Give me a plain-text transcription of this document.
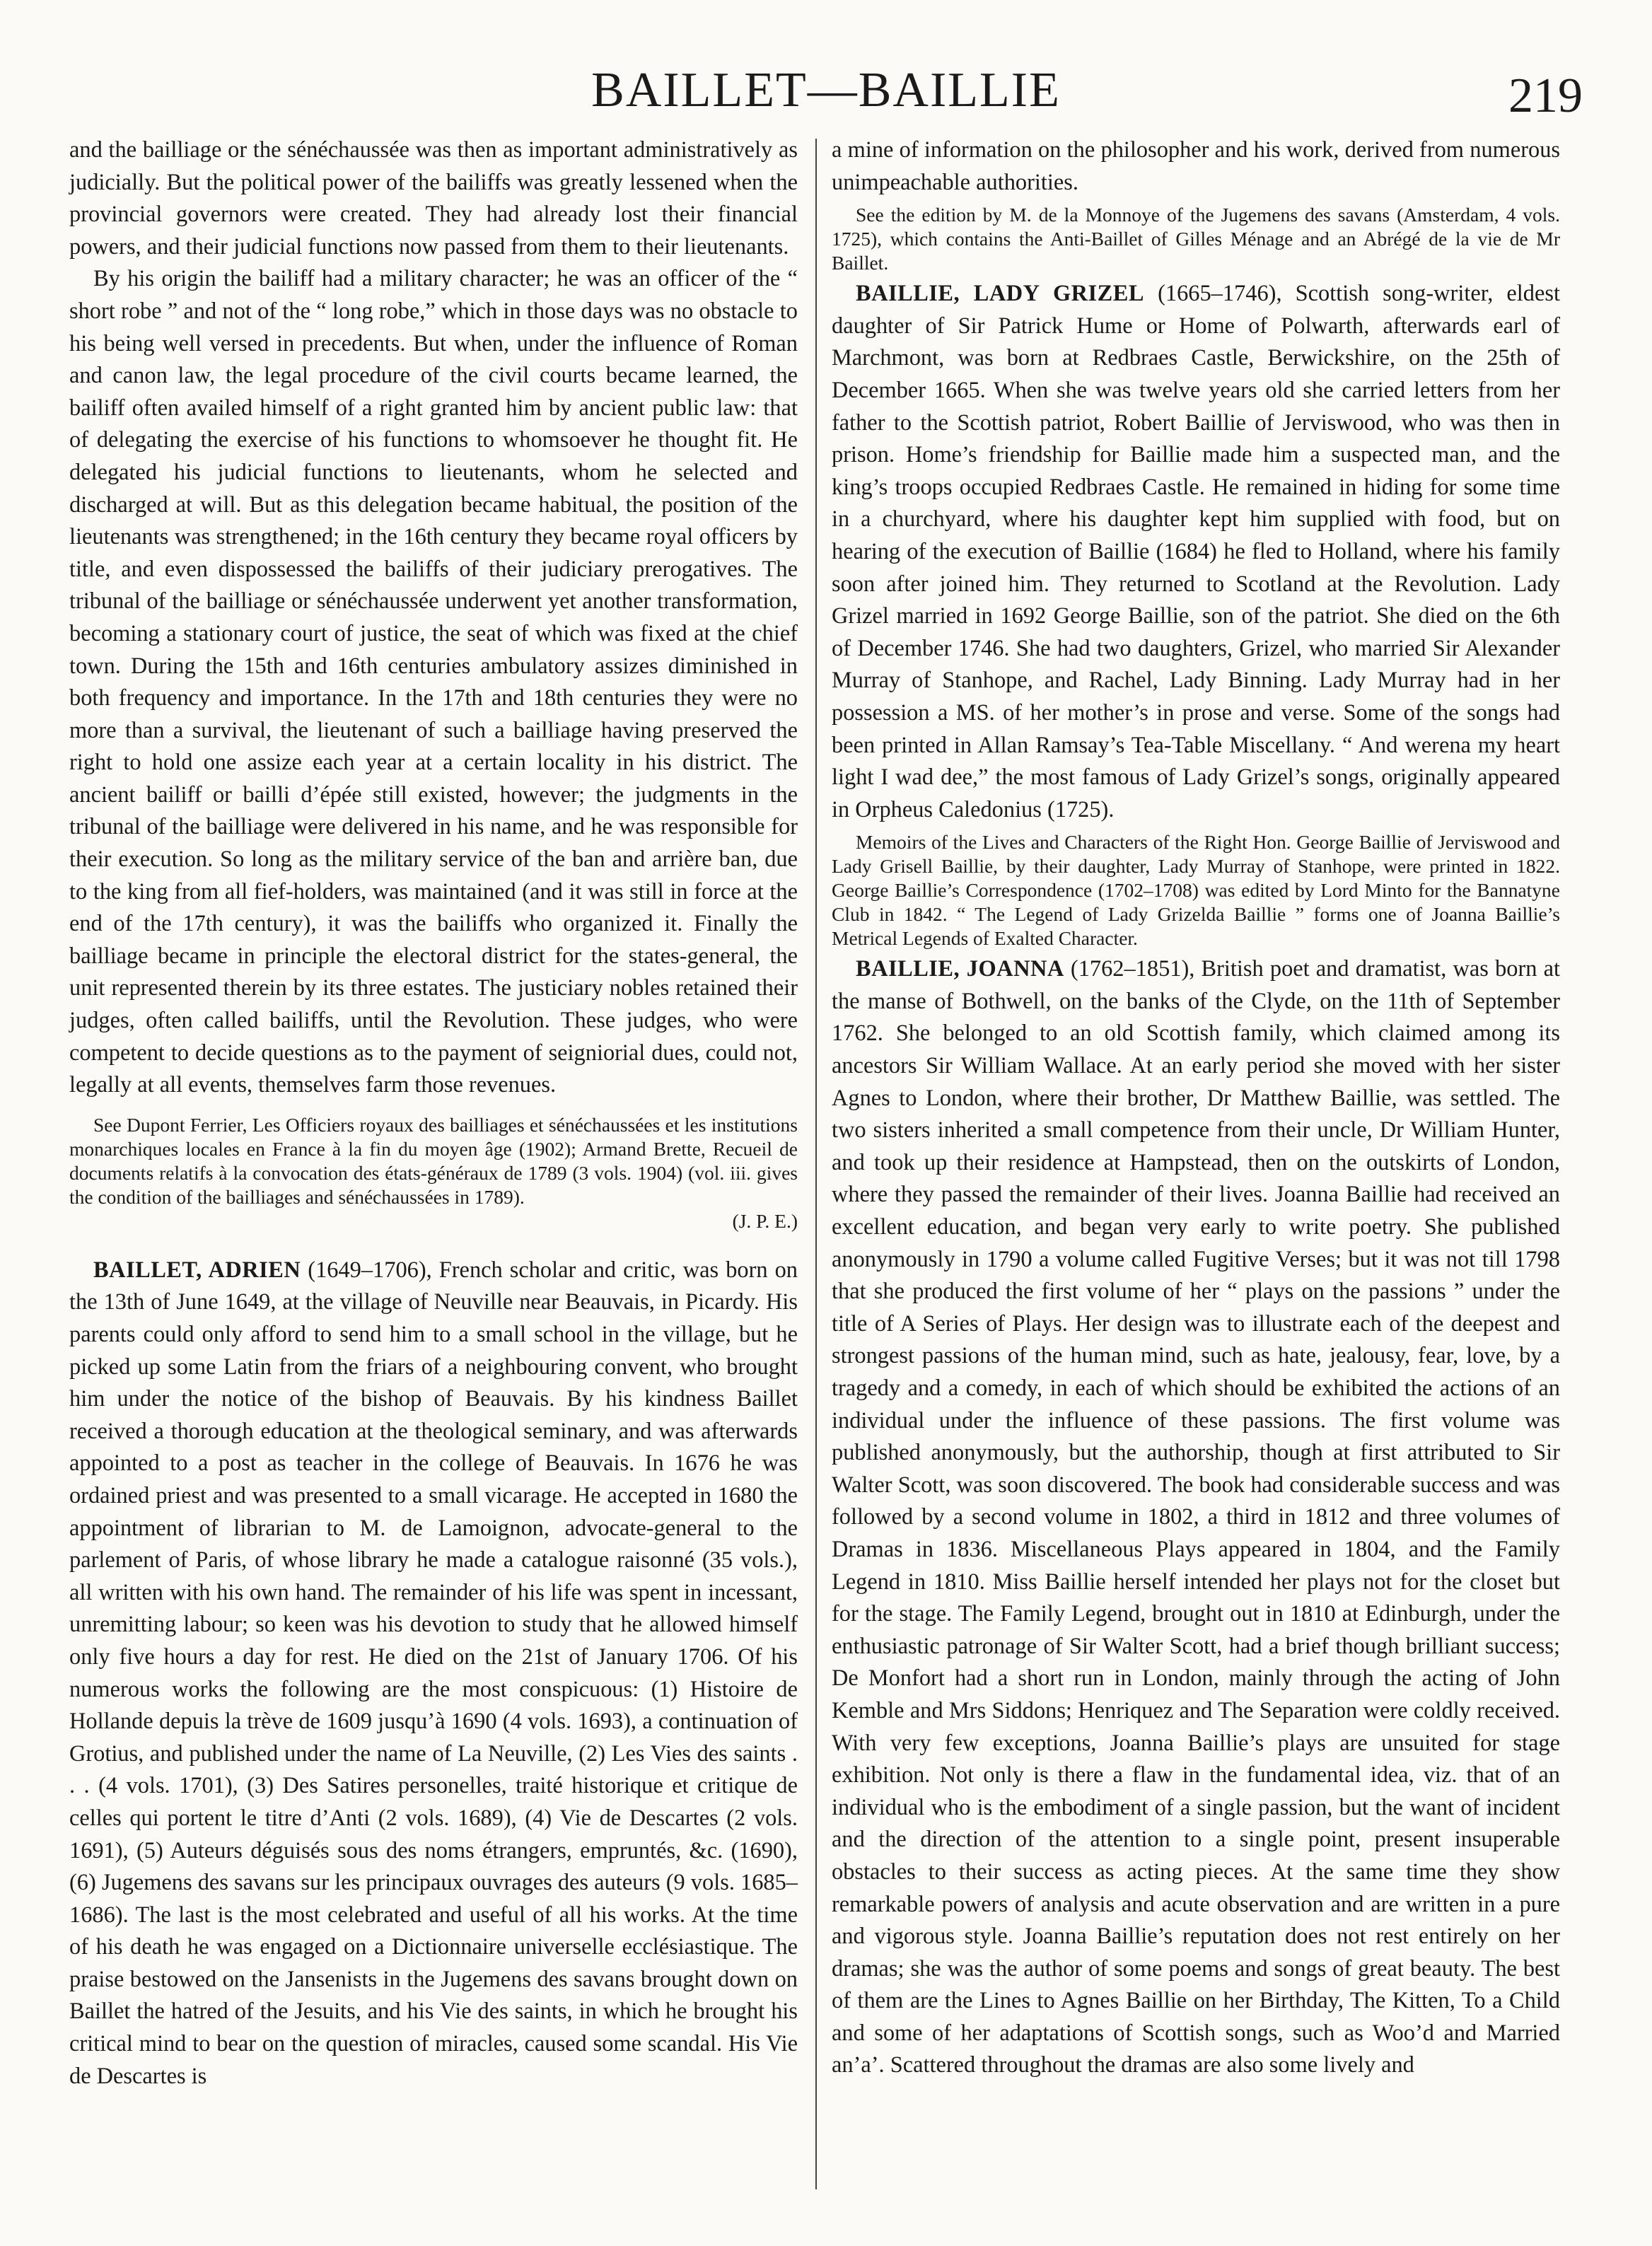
BAILLET—BAILLIE	219

and the bailliage or the sénéchaussée was then as important administratively as judicially. But the political power of the bailiffs was greatly lessened when the provincial governors were created. They had already lost their financial powers, and their judicial functions now passed from them to their lieutenants.

By his origin the bailiff had a military character; he was an officer of the “ short robe ” and not of the “ long robe,” which in those days was no obstacle to his being well versed in precedents. But when, under the influence of Roman and canon law, the legal procedure of the civil courts became learned, the bailiff often availed himself of a right granted him by ancient public law: that of delegating the exercise of his functions to whomsoever he thought fit. He delegated his judicial functions to lieutenants, whom he selected and discharged at will. But as this delegation became habitual, the position of the lieutenants was strengthened; in the 16th century they became royal officers by title, and even dispossessed the bailiffs of their judiciary prerogatives. The tribunal of the bailliage or sénéchaussée underwent yet another transformation, becoming a stationary court of justice, the seat of which was fixed at the chief town. During the 15th and 16th centuries ambulatory assizes diminished in both frequency and importance. In the 17th and 18th centuries they were no more than a survival, the lieutenant of such a bailliage having preserved the right to hold one assize each year at a certain locality in his district. The ancient bailiff or bailli d’épée still existed, however; the judgments in the tribunal of the bailliage were delivered in his name, and he was responsible for their execution. So long as the military service of the ban and arrière ban, due to the king from all fief-holders, was maintained (and it was still in force at the end of the 17th century), it was the bailiffs who organized it. Finally the bailliage became in principle the electoral district for the states-general, the unit represented therein by its three estates. The justiciary nobles retained their judges, often called bailiffs, until the Revolution. These judges, who were competent to decide questions as to the payment of seigniorial dues, could not, legally at all events, themselves farm those revenues.

See Dupont Ferrier, Les Officiers royaux des bailliages et sénéchaussées et les institutions monarchiques locales en France à la fin du moyen âge (1902); Armand Brette, Recueil de documents relatifs à la convocation des états-généraux de 1789 (3 vols. 1904) (vol. iii. gives the condition of the bailliages and sénéchaussées in 1789).

(J. P. E.)

BAILLET, ADRIEN (1649–1706), French scholar and critic, was born on the 13th of June 1649, at the village of Neuville near Beauvais, in Picardy. His parents could only afford to send him to a small school in the village, but he picked up some Latin from the friars of a neighbouring convent, who brought him under the notice of the bishop of Beauvais. By his kindness Baillet received a thorough education at the theological seminary, and was afterwards appointed to a post as teacher in the college of Beauvais. In 1676 he was ordained priest and was presented to a small vicarage. He accepted in 1680 the appointment of librarian to M. de Lamoignon, advocate-general to the parlement of Paris, of whose library he made a catalogue raisonné (35 vols.), all written with his own hand. The remainder of his life was spent in incessant, unremitting labour; so keen was his devotion to study that he allowed himself only five hours a day for rest. He died on the 21st of January 1706. Of his numerous works the following are the most conspicuous: (1) Histoire de Hollande depuis la trève de 1609 jusqu’à 1690 (4 vols. 1693), a continuation of Grotius, and published under the name of La Neuville, (2) Les Vies des saints . . . (4 vols. 1701), (3) Des Satires personelles, traité historique et critique de celles qui portent le titre d’Anti (2 vols. 1689), (4) Vie de Descartes (2 vols. 1691), (5) Auteurs déguisés sous des noms étrangers, empruntés, &c. (1690), (6) Jugemens des savans sur les principaux ouvrages des auteurs (9 vols. 1685–1686). The last is the most celebrated and useful of all his works. At the time of his death he was engaged on a Dictionnaire universelle ecclésiastique. The praise bestowed on the Jansenists in the Jugemens des savans brought down on Baillet the hatred of the Jesuits, and his Vie des saints, in which he brought his critical mind to bear on the question of miracles, caused some scandal. His Vie de Descartes is

a mine of information on the philosopher and his work, derived from numerous unimpeachable authorities.

See the edition by M. de la Monnoye of the Jugemens des savans (Amsterdam, 4 vols. 1725), which contains the Anti-Baillet of Gilles Ménage and an Abrégé de la vie de Mr Baillet.

BAILLIE, LADY GRIZEL (1665–1746), Scottish song-writer, eldest daughter of Sir Patrick Hume or Home of Polwarth, afterwards earl of Marchmont, was born at Redbraes Castle, Berwickshire, on the 25th of December 1665. When she was twelve years old she carried letters from her father to the Scottish patriot, Robert Baillie of Jerviswood, who was then in prison. Home’s friendship for Baillie made him a suspected man, and the king’s troops occupied Redbraes Castle. He remained in hiding for some time in a churchyard, where his daughter kept him supplied with food, but on hearing of the execution of Baillie (1684) he fled to Holland, where his family soon after joined him. They returned to Scotland at the Revolution. Lady Grizel married in 1692 George Baillie, son of the patriot. She died on the 6th of December 1746. She had two daughters, Grizel, who married Sir Alexander Murray of Stanhope, and Rachel, Lady Binning. Lady Murray had in her possession a MS. of her mother’s in prose and verse. Some of the songs had been printed in Allan Ramsay’s Tea-Table Miscellany. “ And werena my heart light I wad dee,” the most famous of Lady Grizel’s songs, originally appeared in Orpheus Caledonius (1725).

Memoirs of the Lives and Characters of the Right Hon. George Baillie of Jerviswood and Lady Grisell Baillie, by their daughter, Lady Murray of Stanhope, were printed in 1822. George Baillie’s Correspondence (1702–1708) was edited by Lord Minto for the Bannatyne Club in 1842. “ The Legend of Lady Grizelda Baillie ” forms one of Joanna Baillie’s Metrical Legends of Exalted Character.

BAILLIE, JOANNA (1762–1851), British poet and dramatist, was born at the manse of Bothwell, on the banks of the Clyde, on the 11th of September 1762. She belonged to an old Scottish family, which claimed among its ancestors Sir William Wallace. At an early period she moved with her sister Agnes to London, where their brother, Dr Matthew Baillie, was settled. The two sisters inherited a small competence from their uncle, Dr William Hunter, and took up their residence at Hampstead, then on the outskirts of London, where they passed the remainder of their lives. Joanna Baillie had received an excellent education, and began very early to write poetry. She published anonymously in 1790 a volume called Fugitive Verses; but it was not till 1798 that she produced the first volume of her “ plays on the passions ” under the title of A Series of Plays. Her design was to illustrate each of the deepest and strongest passions of the human mind, such as hate, jealousy, fear, love, by a tragedy and a comedy, in each of which should be exhibited the actions of an individual under the influence of these passions. The first volume was published anonymously, but the authorship, though at first attributed to Sir Walter Scott, was soon discovered. The book had considerable success and was followed by a second volume in 1802, a third in 1812 and three volumes of Dramas in 1836. Miscellaneous Plays appeared in 1804, and the Family Legend in 1810. Miss Baillie herself intended her plays not for the closet but for the stage. The Family Legend, brought out in 1810 at Edinburgh, under the enthusiastic patronage of Sir Walter Scott, had a brief though brilliant success; De Monfort had a short run in London, mainly through the acting of John Kemble and Mrs Siddons; Henriquez and The Separation were coldly received. With very few exceptions, Joanna Baillie’s plays are unsuited for stage exhibition. Not only is there a flaw in the fundamental idea, viz. that of an individual who is the embodiment of a single passion, but the want of incident and the direction of the attention to a single point, present insuperable obstacles to their success as acting pieces. At the same time they show remarkable powers of analysis and acute observation and are written in a pure and vigorous style. Joanna Baillie’s reputation does not rest entirely on her dramas; she was the author of some poems and songs of great beauty. The best of them are the Lines to Agnes Baillie on her Birthday, The Kitten, To a Child and some of her adaptations of Scottish songs, such as Woo’d and Married an’a’. Scattered throughout the dramas are also some lively and
